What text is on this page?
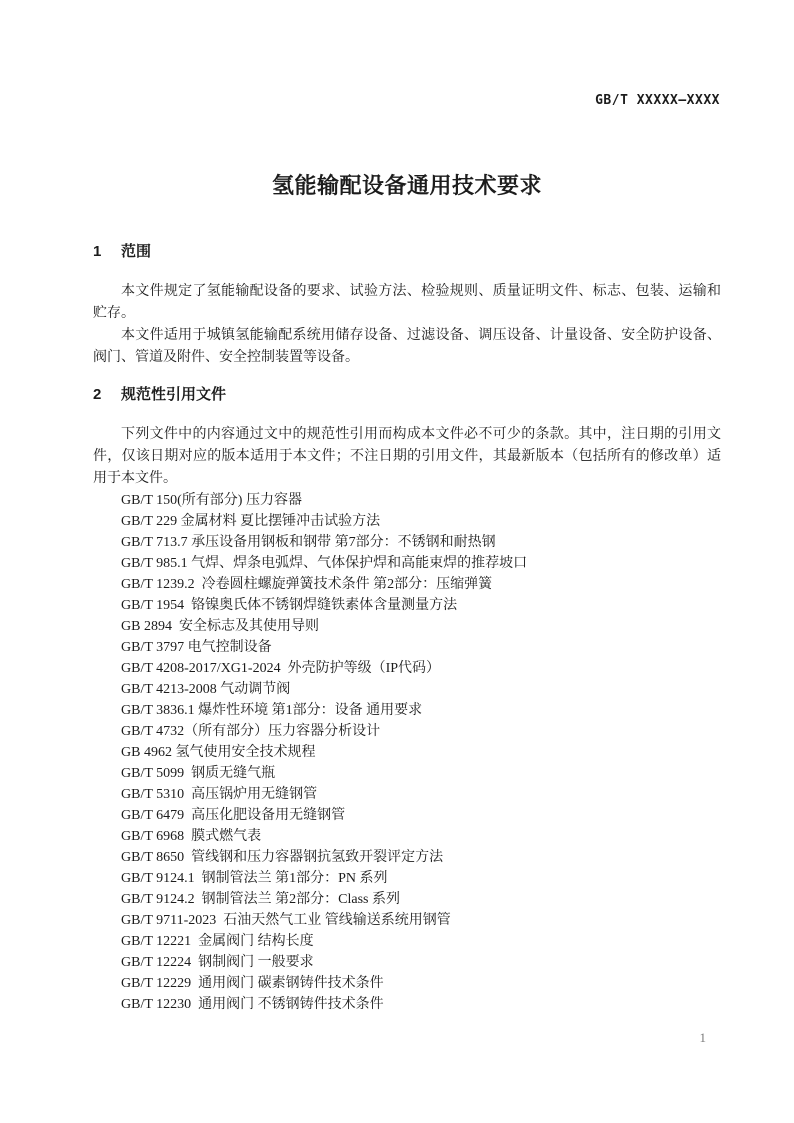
GB/T XXXXX—XXXX
氢能输配设备通用技术要求
1 范围

本文件规定了氢能输配设备的要求、试验方法、检验规则、质量证明文件、标志、包装、运输和贮存。

本文件适用于城镇氢能输配系统用储存设备、过滤设备、调压设备、计量设备、安全防护设备、阀门、管道及附件、安全控制装置等设备。

2 规范性引用文件

下列文件中的内容通过文中的规范性引用而构成本文件必不可少的条款。其中，注日期的引用文件，仅该日期对应的版本适用于本文件；不注日期的引用文件，其最新版本（包括所有的修改单）适用于本文件。

GB/T 150(所有部分) 压力容器
GB/T 229 金属材料 夏比摆锤冲击试验方法
GB/T 713.7 承压设备用钢板和钢带 第7部分：不锈钢和耐热钢
GB/T 985.1 气焊、焊条电弧焊、气体保护焊和高能束焊的推荐坡口
GB/T 1239.2  冷卷圆柱螺旋弹簧技术条件 第2部分：压缩弹簧
GB/T 1954  铬镍奥氏体不锈钢焊缝铁素体含量测量方法
GB 2894  安全标志及其使用导则
GB/T 3797 电气控制设备
GB/T 4208-2017/XG1-2024  外壳防护等级（IP代码）
GB/T 4213-2008 气动调节阀
GB/T 3836.1 爆炸性环境 第1部分：设备 通用要求
GB/T 4732（所有部分）压力容器分析设计
GB 4962 氢气使用安全技术规程
GB/T 5099  钢质无缝气瓶
GB/T 5310  高压锅炉用无缝钢管
GB/T 6479  高压化肥设备用无缝钢管
GB/T 6968  膜式燃气表
GB/T 8650  管线钢和压力容器钢抗氢致开裂评定方法
GB/T 9124.1  钢制管法兰 第1部分：PN 系列
GB/T 9124.2  钢制管法兰 第2部分：Class 系列
GB/T 9711-2023  石油天然气工业 管线输送系统用钢管
GB/T 12221  金属阀门 结构长度
GB/T 12224  钢制阀门 一般要求
GB/T 12229  通用阀门 碳素钢铸件技术条件
GB/T 12230  通用阀门 不锈钢铸件技术条件
1
